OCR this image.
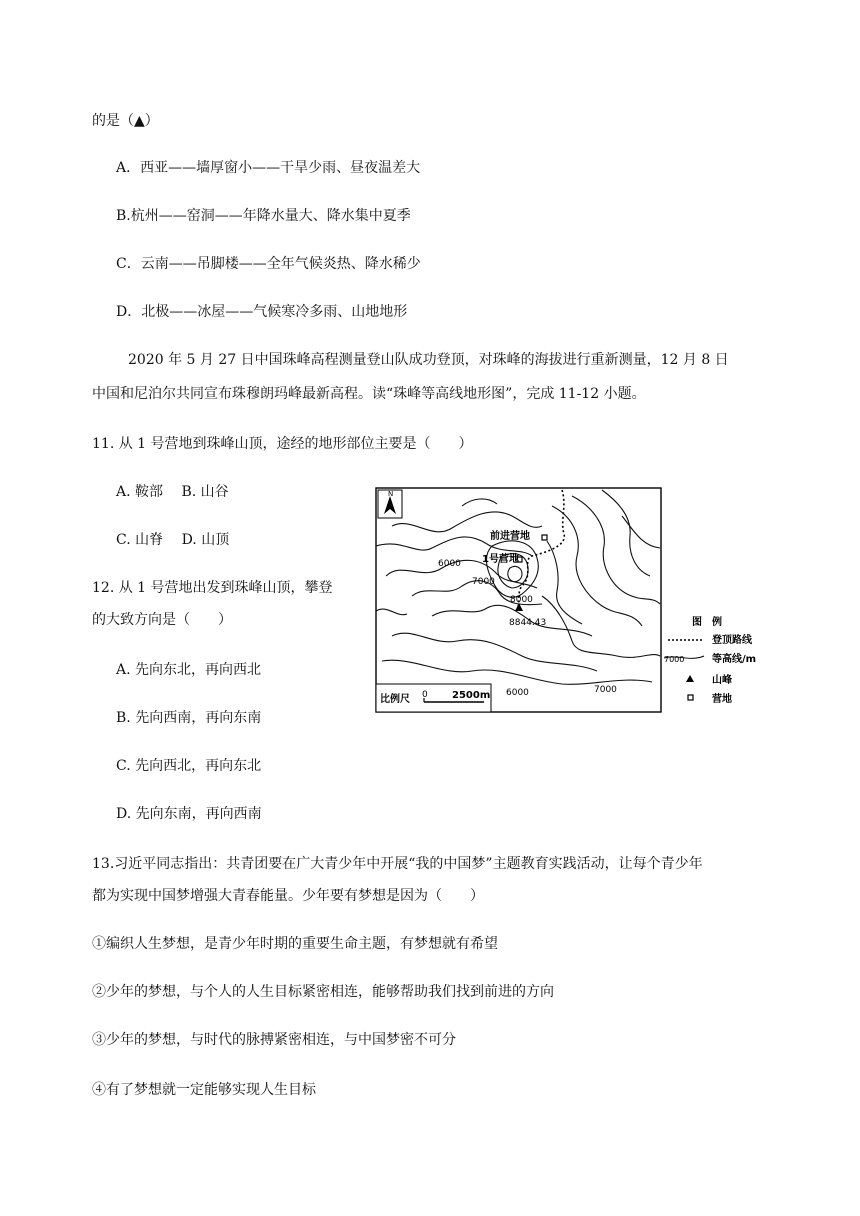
的是（▲）
A．西亚——墙厚窗小——干旱少雨、昼夜温差大
B.杭州——窑洞——年降水量大、降水集中夏季
C．云南——吊脚楼——全年气候炎热、降水稀少
D．北极——冰屋——气候寒冷多雨、山地地形
2020 年 5 月 27 日中国珠峰高程测量登山队成功登顶，对珠峰的海拔进行重新测量，12 月 8 日
中国和尼泊尔共同宣布珠穆朗玛峰最新高程。读“珠峰等高线地形图”，完成 11-12 小题。
11. 从 1 号营地到珠峰山顶，途经的地形部位主要是（　　）
A. 鞍部　 B. 山谷
C. 山脊　 D. 山顶
12. 从 1 号营地出发到珠峰山顶，攀登
的大致方向是（　　）
A. 先向东北，再向西北
B. 先向西南，再向东南
C. 先向西北，再向东北
D. 先向东南，再向西南
13.习近平同志指出：共青团要在广大青少年中开展“我的中国梦”主题教育实践活动，让每个青少年
都为实现中国梦增强大青春能量。少年要有梦想是因为（　　）
①编织人生梦想，是青少年时期的重要生命主题，有梦想就有希望
②少年的梦想，与个人的人生目标紧密相连，能够帮助我们找到前进的方向
③少年的梦想，与时代的脉搏紧密相连，与中国梦密不可分
④有了梦想就一定能够实现人生目标
N
前进营地
1号营地
6000
7000
8000
8844.43
6000	7000
比例尺 0 2500m
图　例
登顶路线
7000	等高线/m
山峰
营地
